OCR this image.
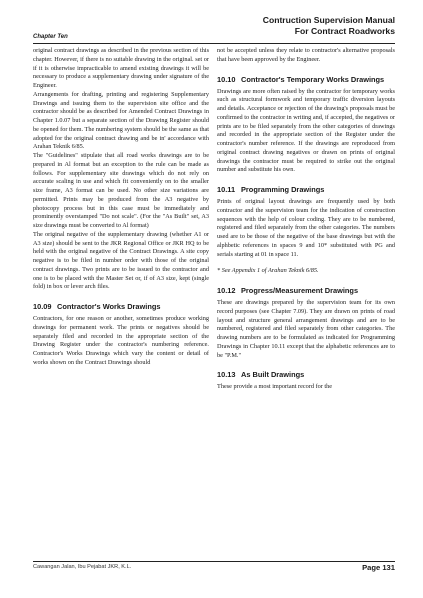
Contruction Supervision Manual
For Contract Roadworks
Chapter Ten

original contract drawings as described in the previous section of this chapter. However, if there is no suitable drawing in the original. set or if it is otherwise impracticable to amend existing drawings it will be necessary to produce a supplementary drawing under signature of the Engineer.

Arrangements for drafting, printing and registering Supplementary Drawings and issuing them to the supervision site office and the contractor should be as described for Amended Contract Drawings in Chapter 1.0.07 but a separate section of the Drawing Register should be opened for them. The numbering system should be the same as that adopted for the original contract drawing and be in' accordance with Arahan Teknik 6/85.

The "Guidelines" stipulate that all road works drawings are to be prepared in Al format but an exception to the rule can be made as follows. For supplementary site drawings which do not rely on accurate scaling in use and which fit conveniently on to the smaller size frame, A3 format can be used. No other size variations are permitted. Prints may be produced from the A3 negative by photocopy process but in this case must be immediately and prominently overstamped "Do not scale". (For the "As Built" set, A3 size drawings must be converted to Al format)

The original negative of the supplementary drawing (whether A1 or A3 size) should be sent to the JKR Regional Office or JKR HQ to be held with the original negative of the Contract Drawings. A site copy negative is to be filed in number order with those of the original contract drawings. Two prints are to be issued to the contractor and one is to be placed with the Master Set or, if of A3 size, kept (single fold) in box or lever arch files.

10.09 Contractor's Works Drawings

Contractors, for one reason or another, sometimes produce working drawings for permanent work. The prints or negatives should be separately filed and recorded in the appropriate section of the Drawing Register under the contractor's numbering reference. Contractor's Works Drawings which vary the content or detail of works shown on the Contract Drawings should

not be accepted unless they relate to contractor's alternative proposals that have been approved by the Engineer.

10.10 Contractor's Temporary Works Drawings

Drawings are more often raised by the contractor for temporary works such as structural formwork and temporary traffic diversion layouts and details. Acceptance or rejection of the drawing's proposals must be confirmed to the contractor in writing and, if accepted, the negatives or prints are to be filed separately from the other categories of drawings and recorded in the appropriate section of the Register under the contractor's number reference. If the drawings are reproduced from original contract drawing negatives or drawn on prints of original drawings the contractor must be required to strike out the original number and substitute his own.

10.11 Programming Drawings

Prints of original layout drawings are frequently used by both contractor and the supervision team for the indication of construction sequences with the help of colour coding. They are to be numbered, registered and filed separately from the other categories. The numbers used are to be those of the negative of the base drawings but with the alphbetic references in spaces 9 and 10* substituted with PG and serials starting at 01 in space 11.

* See Appendix 1 of Arahan Teknik 6/85.

10.12 Progress/Measurement Drawings

These are drawings prepared by the supervision team for its own record purposes (see Chapter 7.09). They are drawn on prints of road layout and structure general arrangement drawings and are to be numbered, registered and filed separately from other categories. The drawing numbers are to be formulated as indicated for Programming Drawings in Chapter 10.11 except that the alphabetic references are to be "P.M."

10.13 As Built Drawings

These provide a most important record for the

Cawangan Jalan, Ibu Pejabat JKR, K.L.	Page 131
